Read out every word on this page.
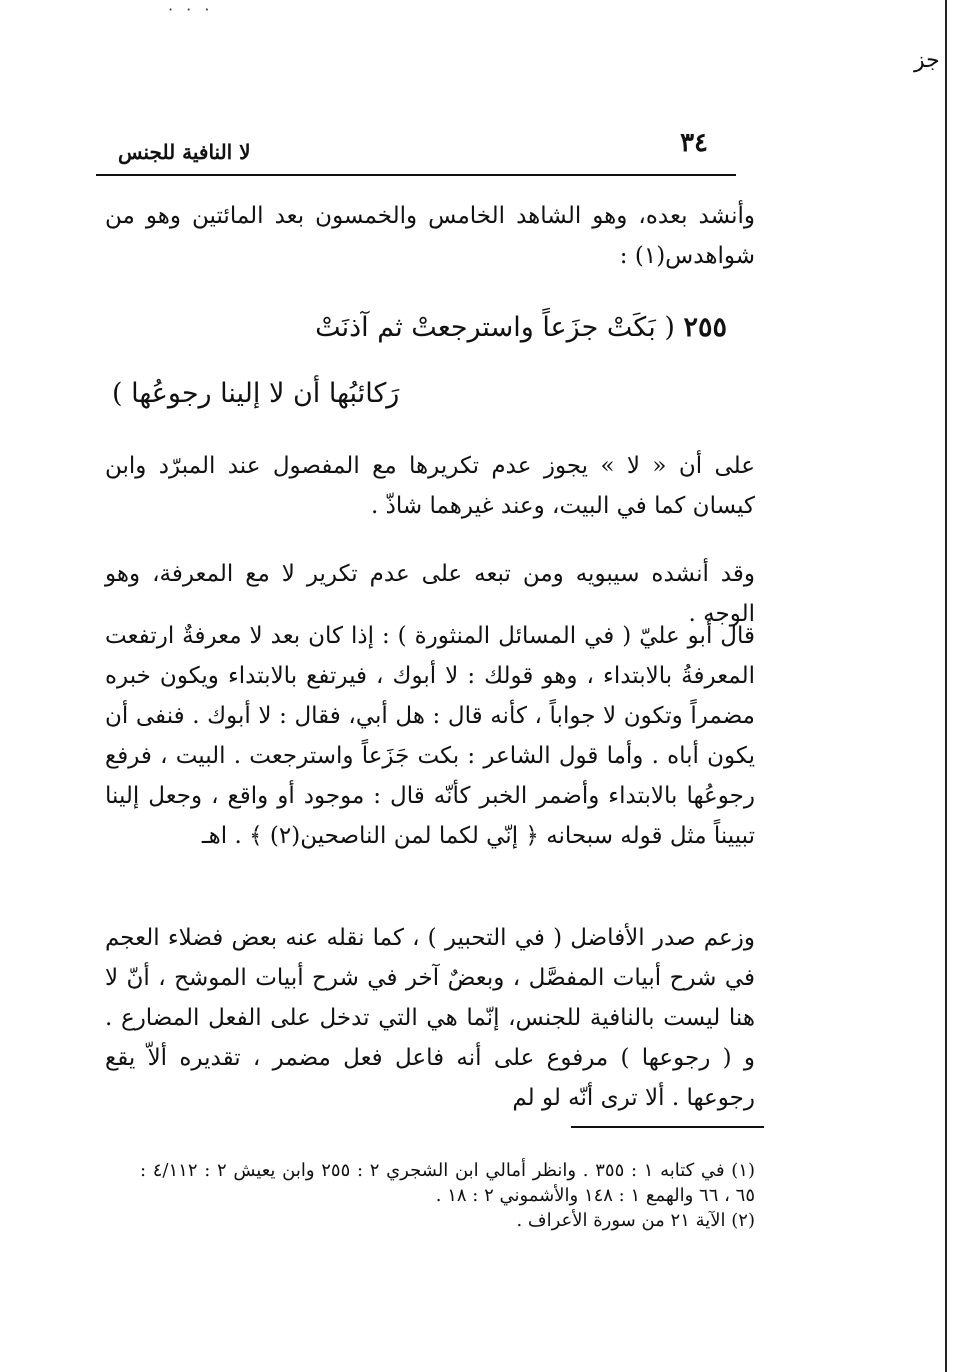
· · ·
جز
٣٤
لا النافية للجنس

وأنشد بعده، وهو الشاهد الخامس والخمسون بعد المائتين وهو من شواهدس(١) :

٢٥٥ ( بَكَتْ جزَعاً واسترجعتْ ثم آذنَتْ
رَكائبُها أن لا إلينا رجوعُها )

على أن « لا » يجوز عدم تكريرها مع المفصول عند المبرّد وابن كيسان كما في البيت، وعند غيرهما شاذّ .

وقد أنشده سيبويه ومن تبعه على عدم تكرير لا مع المعرفة، وهو الوجه .

قال أبو عليّ ( في المسائل المنثورة ) : إذا كان بعد لا معرفةٌ ارتفعت المعرفةُ بالابتداء ، وهو قولك : لا أبوك ، فيرتفع بالابتداء ويكون خبره مضمراً وتكون لا جواباً ، كأنه قال : هل أبي، فقال : لا أبوك . فنفى أن يكون أباه . وأما قول الشاعر : بكت جَزَعاً واسترجعت . البيت ، فرفع رجوعُها بالابتداء وأضمر الخبر كأنّه قال : موجود أو واقع ، وجعل إلينا تبييناً مثل قوله سبحانه ﴿ إنّي لكما لمن الناصحين(٢) ﴾ . اهـ

وزعم صدر الأفاضل ( في التحبير ) ، كما نقله عنه بعض فضلاء العجم في شرح أبيات المفصَّل ، وبعضٌ آخر في شرح أبيات الموشح ، أنّ لا هنا ليست بالنافية للجنس، إنّما هي التي تدخل على الفعل المضارع . و ( رجوعها ) مرفوع على أنه فاعل فعل مضمر ، تقديره ألاّ يقع رجوعها . ألا ترى أنّه لو لم

(١) في كتابه ١ : ٣٥٥ . وانظر أمالي ابن الشجري ٢ : ٢٥٥ وابن يعيش ٢ : ٤/١١٢ : ٦٥ ، ٦٦ والهمع ١ : ١٤٨ والأشموني ٢ : ١٨ .

(٢) الآية ٢١ من سورة الأعراف .
